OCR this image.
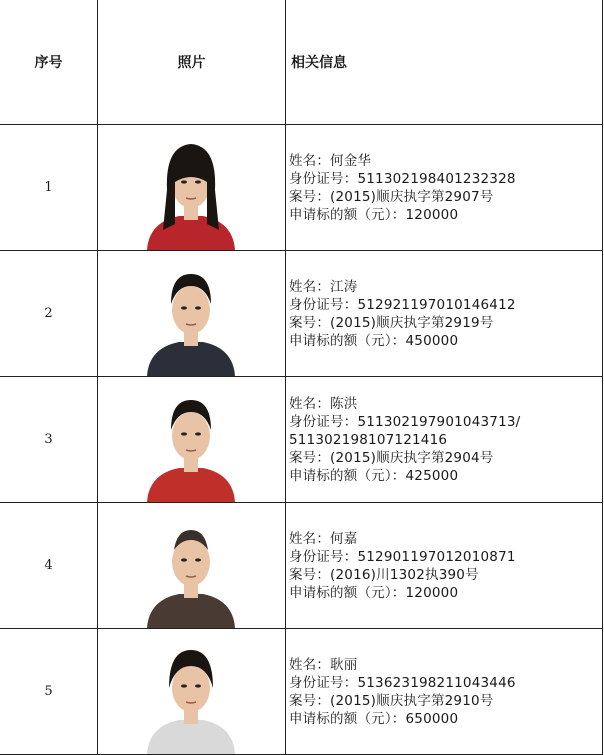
序号	照片	相关信息
1		姓名：何金华
身份证号：511302198401232328
案号：(2015)顺庆执字第2907号
申请标的额（元）：120000

2		姓名：江涛
身份证号：512921197010146412
案号：(2015)顺庆执字第2919号
申请标的额（元）：450000

3		姓名：陈洪
身份证号：511302197901043713/
511302198107121416
案号：(2015)顺庆执字第2904号
申请标的额（元）：425000

4		姓名：何嘉
身份证号：512901197012010871
案号：(2016)川1302执390号
申请标的额（元）：120000

5		姓名：耿丽
身份证号：513623198211043446
案号：(2015)顺庆执字第2910号
申请标的额（元）：650000
